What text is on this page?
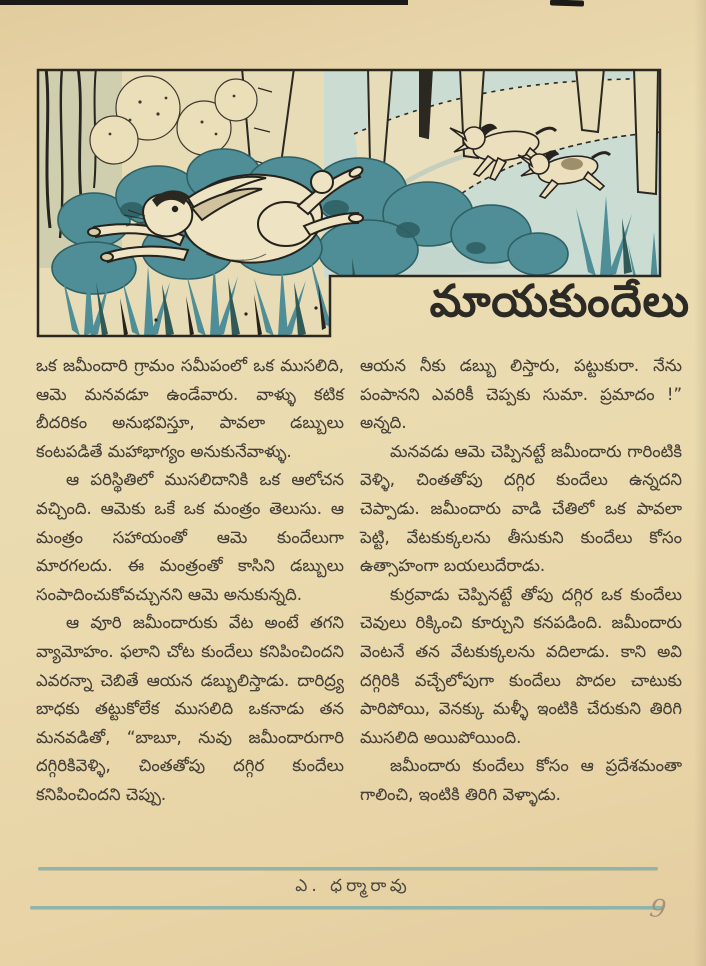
మాయకుందేలు

ఒక జమీందారి గ్రామం సమీపంలో ఒక ముసలిది, ఆమె మనవడూ ఉండేవారు. వాళ్ళు కటిక బీదరికం అనుభవిస్తూ, పావలా డబ్బులు కంటపడితే మహాభాగ్యం అనుకునేవాళ్ళు.

ఆ పరిస్థితిలో ముసలిదానికి ఒక ఆలోచన వచ్చింది. ఆమెకు ఒకే ఒక మంత్రం తెలుసు. ఆ మంత్రం సహాయంతో ఆమె కుందేలుగా మారగలదు. ఈ మంత్రంతో కాసిని డబ్బులు సంపాదించుకోవచ్చునని ఆమె అనుకున్నది.

ఆ వూరి జమీందారుకు వేట అంటే తగని వ్యామోహం. ఫలాని చోట కుందేలు కనిపించిందని ఎవరన్నా చెబితే ఆయన డబ్బులిస్తాడు. దారిద్ర్య బాధకు తట్టుకోలేక ముసలిది ఒకనాడు తన మనవడితో, “బాబూ, నువు జమీందారుగారి దగ్గిరికివెళ్ళి, చింతతోపు దగ్గిర కుందేలు కనిపించిందని చెప్పు.

ఆయన నీకు డబ్బు లిస్తారు, పట్టుకురా. నేను పంపానని ఎవరికీ చెప్పకు సుమా. ప్రమాదం !” అన్నది.

మనవడు ఆమె చెప్పినట్టే జమీందారు గారింటికి వెళ్ళి, చింతతోపు దగ్గిర కుందేలు ఉన్నదని చెప్పాడు. జమీందారు వాడి చేతిలో ఒక పావలా పెట్టి, వేటకుక్కలను తీసుకుని కుందేలు కోసం ఉత్సాహంగా బయలుదేరాడు.

కుర్రవాడు చెప్పినట్టే తోపు దగ్గిర ఒక కుందేలు చెవులు రిక్కించి కూర్చుని కనపడింది. జమీందారు వెంటనే తన వేటకుక్కలను వదిలాడు. కాని అవి దగ్గిరికి వచ్చేలోపుగా కుందేలు పొదల చాటుకు పారిపోయి, వెనక్కు మళ్ళీ ఇంటికి చేరుకుని తిరిగి ముసలిది అయిపోయింది.

జమీందారు కుందేలు కోసం ఆ ప్రదేశమంతా గాలించి, ఇంటికి తిరిగి వెళ్ళాడు.

ఎ. ధర్మారావు
9
